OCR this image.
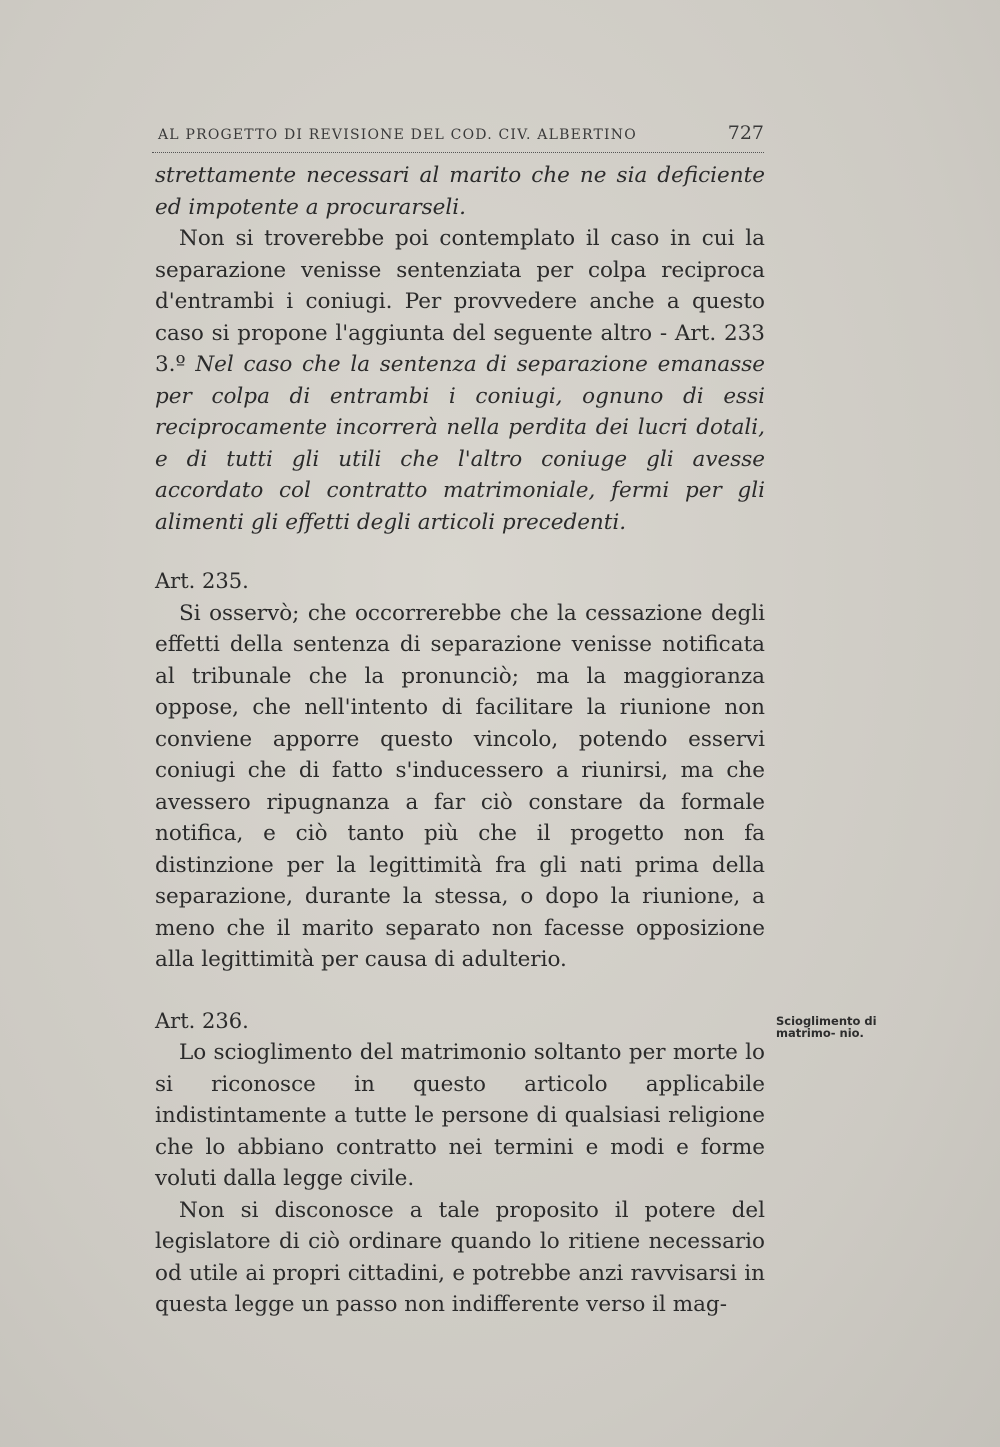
AL PROGETTO DI REVISIONE DEL COD. CIV. ALBERTINO	727

strettamente necessari al marito che ne sia deficiente ed impotente a procurarseli.

Non si troverebbe poi contemplato il caso in cui la separazione venisse sentenziata per colpa reciproca d'entrambi i coniugi. Per provvedere anche a questo caso si propone l'aggiunta del seguente altro - Art. 233 3.º Nel caso che la sentenza di separazione emanasse per colpa di entrambi i coniugi, ognuno di essi reciprocamente incorrerà nella perdita dei lucri dotali, e di tutti gli utili che l'altro coniuge gli avesse accordato col contratto matrimoniale, fermi per gli alimenti gli effetti degli articoli precedenti.

Art. 235.

Si osservò; che occorrerebbe che la cessazione degli effetti della sentenza di separazione venisse notificata al tribunale che la pronunciò; ma la maggioranza oppose, che nell'intento di facilitare la riunione non conviene apporre questo vincolo, potendo esservi coniugi che di fatto s'inducessero a riunirsi, ma che avessero ripugnanza a far ciò constare da formale notifica, e ciò tanto più che il progetto non fa distinzione per la legittimità fra gli nati prima della separazione, durante la stessa, o dopo la riunione, a meno che il marito separato non facesse opposizione alla legittimità per causa di adulterio.

Art. 236.

Lo scioglimento del matrimonio soltanto per morte lo si riconosce in questo articolo applicabile indistintamente a tutte le persone di qualsiasi religione che lo abbiano contratto nei termini e modi e forme voluti dalla legge civile.

Non si disconosce a tale proposito il potere del legislatore di ciò ordinare quando lo ritiene necessario od utile ai propri cittadini, e potrebbe anzi ravvisarsi in questa legge un passo non indifferente verso il mag-

Scioglimento di matrimo- nio.
